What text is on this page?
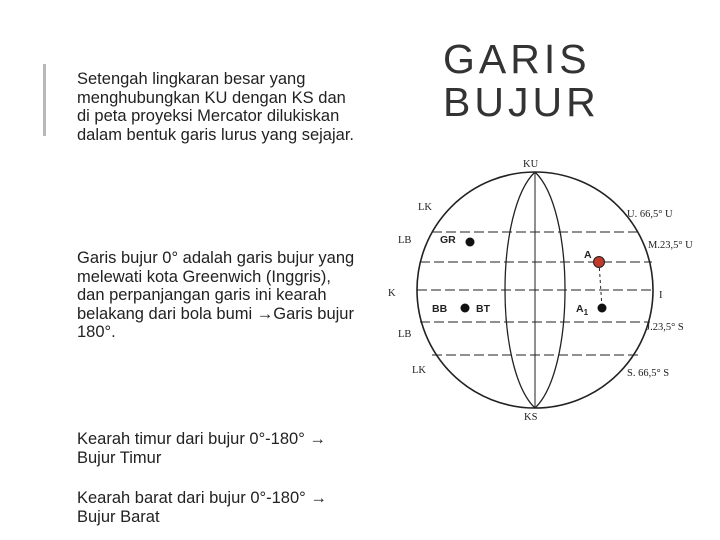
Setengah lingkaran besar yang menghubungkan KU dengan KS dan di peta proyeksi Mercator dilukiskan dalam bentuk garis lurus yang sejajar.

Garis bujur 0° adalah garis bujur yang melewati kota Greenwich (Inggris), dan perpanjangan garis ini kearah belakang dari bola bumi →Garis bujur 180°.

Kearah timur dari bujur 0°-180° → Bujur Timur

Kearah barat dari bujur 0°-180° → Bujur Barat

GARIS
BUJUR
KU
KS
LK
LK
LB
LB
K	I
GR
A
BB	BT	$A_1$
U. 66,5° U
M.23,5° U
J.23,5° S
S. 66,5° S
